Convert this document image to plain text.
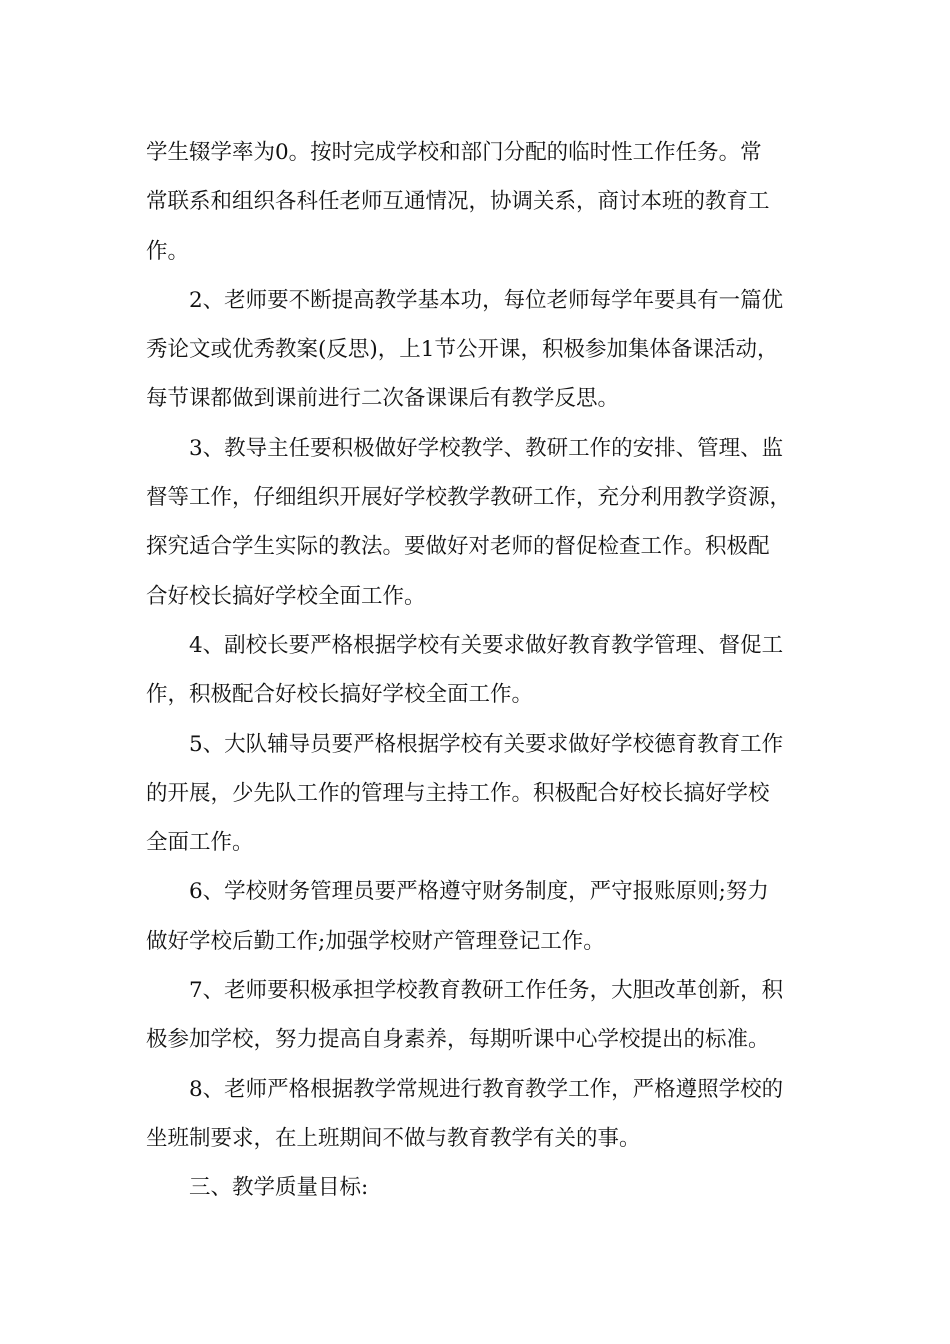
学生辍学率为0。按时完成学校和部门分配的临时性工作任务。常
常联系和组织各科任老师互通情况，协调关系，商讨本班的教育工
作。
2、老师要不断提高教学基本功，每位老师每学年要具有一篇优
秀论文或优秀教案(反思)，上1节公开课，积极参加集体备课活动，
每节课都做到课前进行二次备课课后有教学反思。
3、教导主任要积极做好学校教学、教研工作的安排、管理、监
督等工作，仔细组织开展好学校教学教研工作，充分利用教学资源，
探究适合学生实际的教法。要做好对老师的督促检查工作。积极配
合好校长搞好学校全面工作。
4、副校长要严格根据学校有关要求做好教育教学管理、督促工
作，积极配合好校长搞好学校全面工作。
5、大队辅导员要严格根据学校有关要求做好学校德育教育工作
的开展，少先队工作的管理与主持工作。积极配合好校长搞好学校
全面工作。
6、学校财务管理员要严格遵守财务制度，严守报账原则;努力
做好学校后勤工作;加强学校财产管理登记工作。
7、老师要积极承担学校教育教研工作任务，大胆改革创新，积
极参加学校，努力提高自身素养，每期听课中心学校提出的标准。
8、老师严格根据教学常规进行教育教学工作，严格遵照学校的
坐班制要求，在上班期间不做与教育教学有关的事。
三、教学质量目标:
